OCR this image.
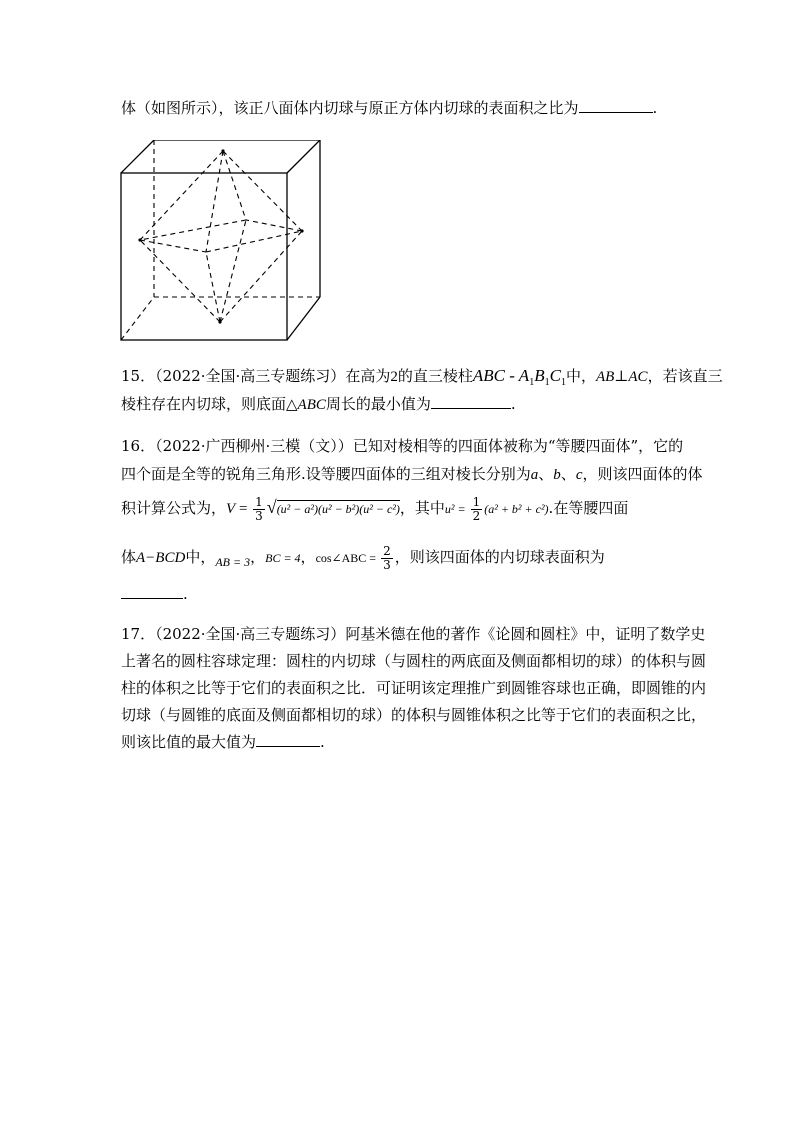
体（如图所示），该正八面体内切球与原正方体内切球的表面积之比为	.
15．（2022·全国·高三专题练习）在高为2的直三棱柱ABC - $A_1B_1C_1$中，AB⊥AC，若该直三
棱柱存在内切球，则底面△ABC周长的最小值为	.
16．（2022·广西柳州·三模（文））已知对棱相等的四面体被称为“等腰四面体”，它的
四个面是全等的锐角三角形.设等腰四面体的三组对棱长分别为a、b、c，则该四面体的体
积计算公式为，$V = \frac{1}{3} √(u^2 - a^2)(u^2 - b^2)(u^2 - c^2)$，其中$u^2 = \frac{1}{2} (a^2 + b^2 + c^2)$.在等腰四面
体A−BCD中，$_{AB = 3}$，BC = 4，cos∠ABC = $\frac{2}{3}$ ，则该四面体的内切球表面积为
.
17．（2022·全国·高三专题练习）阿基米德在他的著作《论圆和圆柱》中，证明了数学史
上著名的圆柱容球定理：圆柱的内切球（与圆柱的两底面及侧面都相切的球）的体积与圆
柱的体积之比等于它们的表面积之比．可证明该定理推广到圆锥容球也正确，即圆锥的内
切球（与圆锥的底面及侧面都相切的球）的体积与圆锥体积之比等于它们的表面积之比，
则该比值的最大值为	.
